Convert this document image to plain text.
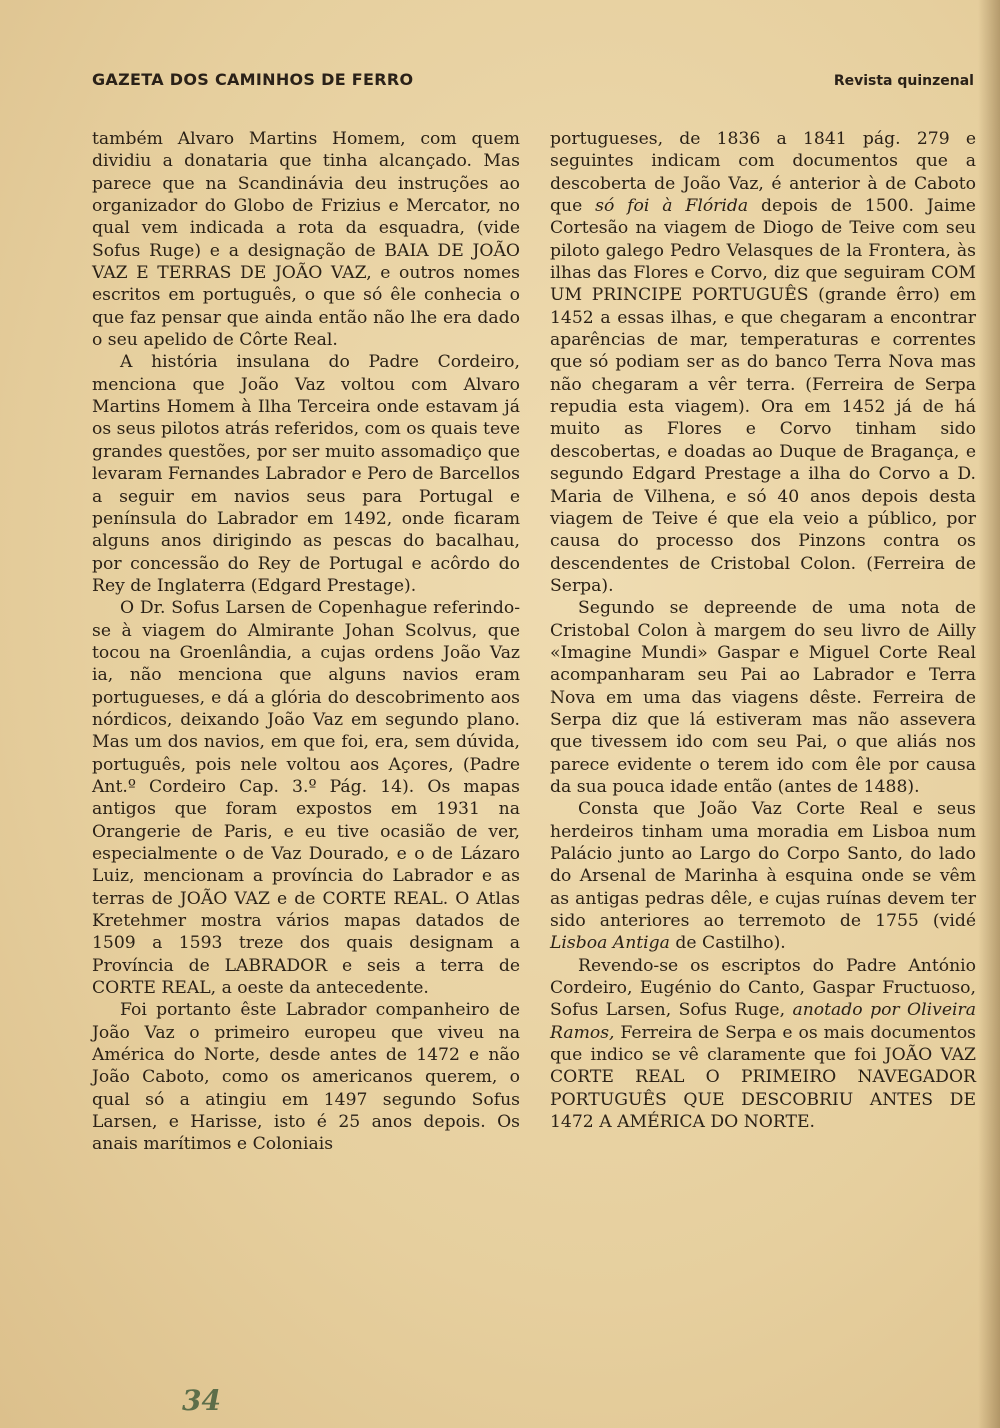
GAZETA DOS CAMINHOS DE FERRO	Revista quinzenal

também Alvaro Martins Homem, com quem dividiu a donataria que tinha alcançado. Mas parece que na Scandinávia deu instruções ao organizador do Globo de Frizius e Mercator, no qual vem indicada a rota da esquadra, (vide Sofus Ruge) e a designação de BAIA DE JOÃO VAZ E TERRAS DE JOÃO VAZ, e outros nomes escritos em português, o que só êle conhecia o que faz pensar que ainda então não lhe era dado o seu apelido de Côrte Real.

A história insulana do Padre Cordeiro, menciona que João Vaz voltou com Alvaro Martins Homem à Ilha Terceira onde estavam já os seus pilotos atrás referidos, com os quais teve grandes questões, por ser muito assomadiço que levaram Fernandes Labrador e Pero de Barcellos a seguir em navios seus para Portugal e península do Labrador em 1492, onde ficaram alguns anos dirigindo as pescas do bacalhau, por concessão do Rey de Portugal e acôrdo do Rey de Inglaterra (Edgard Prestage).

O Dr. Sofus Larsen de Copenhague referindo-se à viagem do Almirante Johan Scolvus, que tocou na Groenlândia, a cujas ordens João Vaz ia, não menciona que alguns navios eram portugueses, e dá a glória do descobrimento aos nórdicos, deixando João Vaz em segundo plano. Mas um dos navios, em que foi, era, sem dúvida, português, pois nele voltou aos Açores, (Padre Ant.º Cordeiro Cap. 3.º Pág. 14). Os mapas antigos que foram expostos em 1931 na Orangerie de Paris, e eu tive ocasião de ver, especialmente o de Vaz Dourado, e o de Lázaro Luiz, mencionam a província do Labrador e as terras de JOÃO VAZ e de CORTE REAL. O Atlas Kretehmer mostra vários mapas datados de 1509 a 1593 treze dos quais designam a Província de LABRADOR e seis a terra de CORTE REAL, a oeste da antecedente.

Foi portanto êste Labrador companheiro de João Vaz o primeiro europeu que viveu na América do Norte, desde antes de 1472 e não João Caboto, como os americanos querem, o qual só a atingiu em 1497 segundo Sofus Larsen, e Harisse, isto é 25 anos depois. Os anais marítimos e Coloniais

portugueses, de 1836 a 1841 pág. 279 e seguintes indicam com documentos que a descoberta de João Vaz, é anterior à de Caboto que só foi à Flórida depois de 1500. Jaime Cortesão na viagem de Diogo de Teive com seu piloto galego Pedro Velasques de la Frontera, às ilhas das Flores e Corvo, diz que seguiram COM UM PRINCIPE PORTUGUÊS (grande êrro) em 1452 a essas ilhas, e que chegaram a encontrar aparências de mar, temperaturas e correntes que só podiam ser as do banco Terra Nova mas não chegaram a vêr terra. (Ferreira de Serpa repudia esta viagem). Ora em 1452 já de há muito as Flores e Corvo tinham sido descobertas, e doadas ao Duque de Bragança, e segundo Edgard Prestage a ilha do Corvo a D. Maria de Vilhena, e só 40 anos depois desta viagem de Teive é que ela veio a público, por causa do processo dos Pinzons contra os descendentes de Cristobal Colon. (Ferreira de Serpa).

Segundo se depreende de uma nota de Cristobal Colon à margem do seu livro de Ailly «Imagine Mundi» Gaspar e Miguel Corte Real acompanharam seu Pai ao Labrador e Terra Nova em uma das viagens dêste. Ferreira de Serpa diz que lá estiveram mas não assevera que tivessem ido com seu Pai, o que aliás nos parece evidente o terem ido com êle por causa da sua pouca idade então (antes de 1488).

Consta que João Vaz Corte Real e seus herdeiros tinham uma moradia em Lisboa num Palácio junto ao Largo do Corpo Santo, do lado do Arsenal de Marinha à esquina onde se vêm as antigas pedras dêle, e cujas ruínas devem ter sido anteriores ao terremoto de 1755 (vidé Lisboa Antiga de Castilho).

Revendo-se os escriptos do Padre António Cordeiro, Eugénio do Canto, Gaspar Fructuoso, Sofus Larsen, Sofus Ruge, anotado por Oliveira Ramos, Ferreira de Serpa e os mais documentos que indico se vê claramente que foi JOÃO VAZ CORTE REAL O PRIMEIRO NAVEGADOR PORTUGUÊS QUE DESCOBRIU ANTES DE 1472 A AMÉRICA DO NORTE.

34
